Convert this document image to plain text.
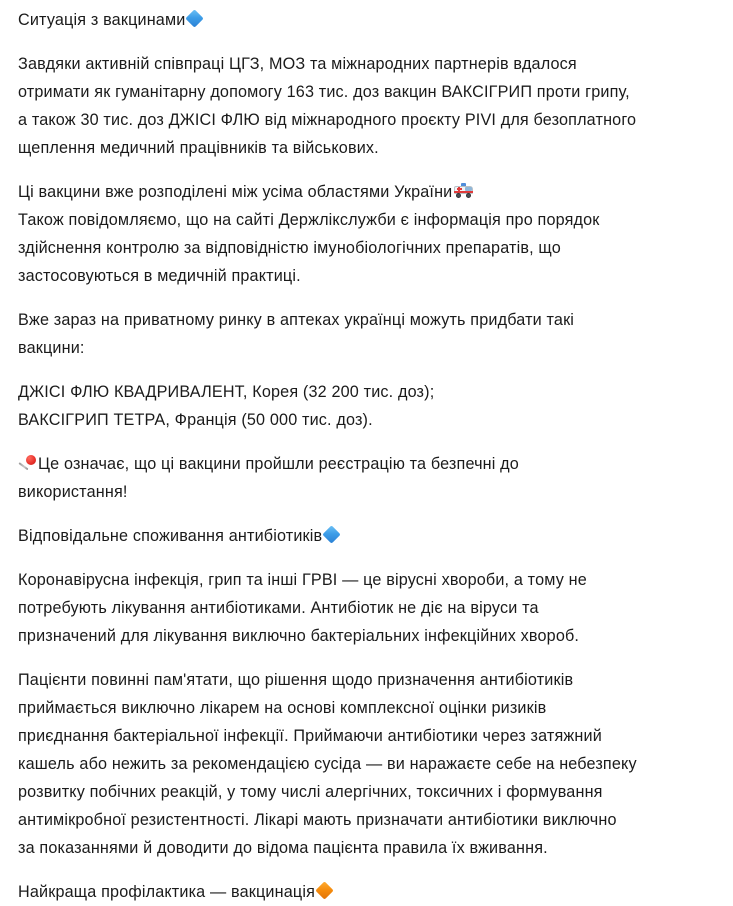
Ситуація з вакцинами

Завдяки активній співпраці ЦГЗ, МОЗ та міжнародних партнерів вдалося
отримати як гуманітарну допомогу 163 тис. доз вакцин ВАКСІГРИП проти грипу,
а також 30 тис. доз ДЖІСІ ФЛЮ від міжнародного проєкту PIVI для безоплатного
щеплення медичний працівників та військових.

Ці вакцини вже розподілені між усіма областями України
Також повідомляємо, що на сайті Держлікслужби є інформація про порядок
здійснення контролю за відповідністю імунобіологічних препаратів, що
застосовуються в медичній практиці.

Вже зараз на приватному ринку в аптеках українці можуть придбати такі
вакцини:

ДЖІСІ ФЛЮ КВАДРИВАЛЕНТ, Корея (32 200 тис. доз);
ВАКСІГРИП ТЕТРА, Франція (50 000 тис. доз).

Це означає, що ці вакцини пройшли реєстрацію та безпечні до
використання!

Відповідальне споживання антибіотиків

Коронавірусна інфекція, грип та інші ГРВІ — це вірусні хвороби, а тому не
потребують лікування антибіотиками. Антибіотик не діє на віруси та
призначений для лікування виключно бактеріальних інфекційних хвороб.

Пацієнти повинні пам'ятати, що рішення щодо призначення антибіотиків
приймається виключно лікарем на основі комплексної оцінки ризиків
приєднання бактеріальної інфекції. Приймаючи антибіотики через затяжний
кашель або нежить за рекомендацією сусіда — ви наражаєте себе на небезпеку
розвитку побічних реакцій, у тому числі алергічних, токсичних і формування
антимікробної резистентності. Лікарі мають призначати антибіотики виключно
за показаннями й доводити до відома пацієнта правила їх вживання.

Найкраща профілактика — вакцинація
